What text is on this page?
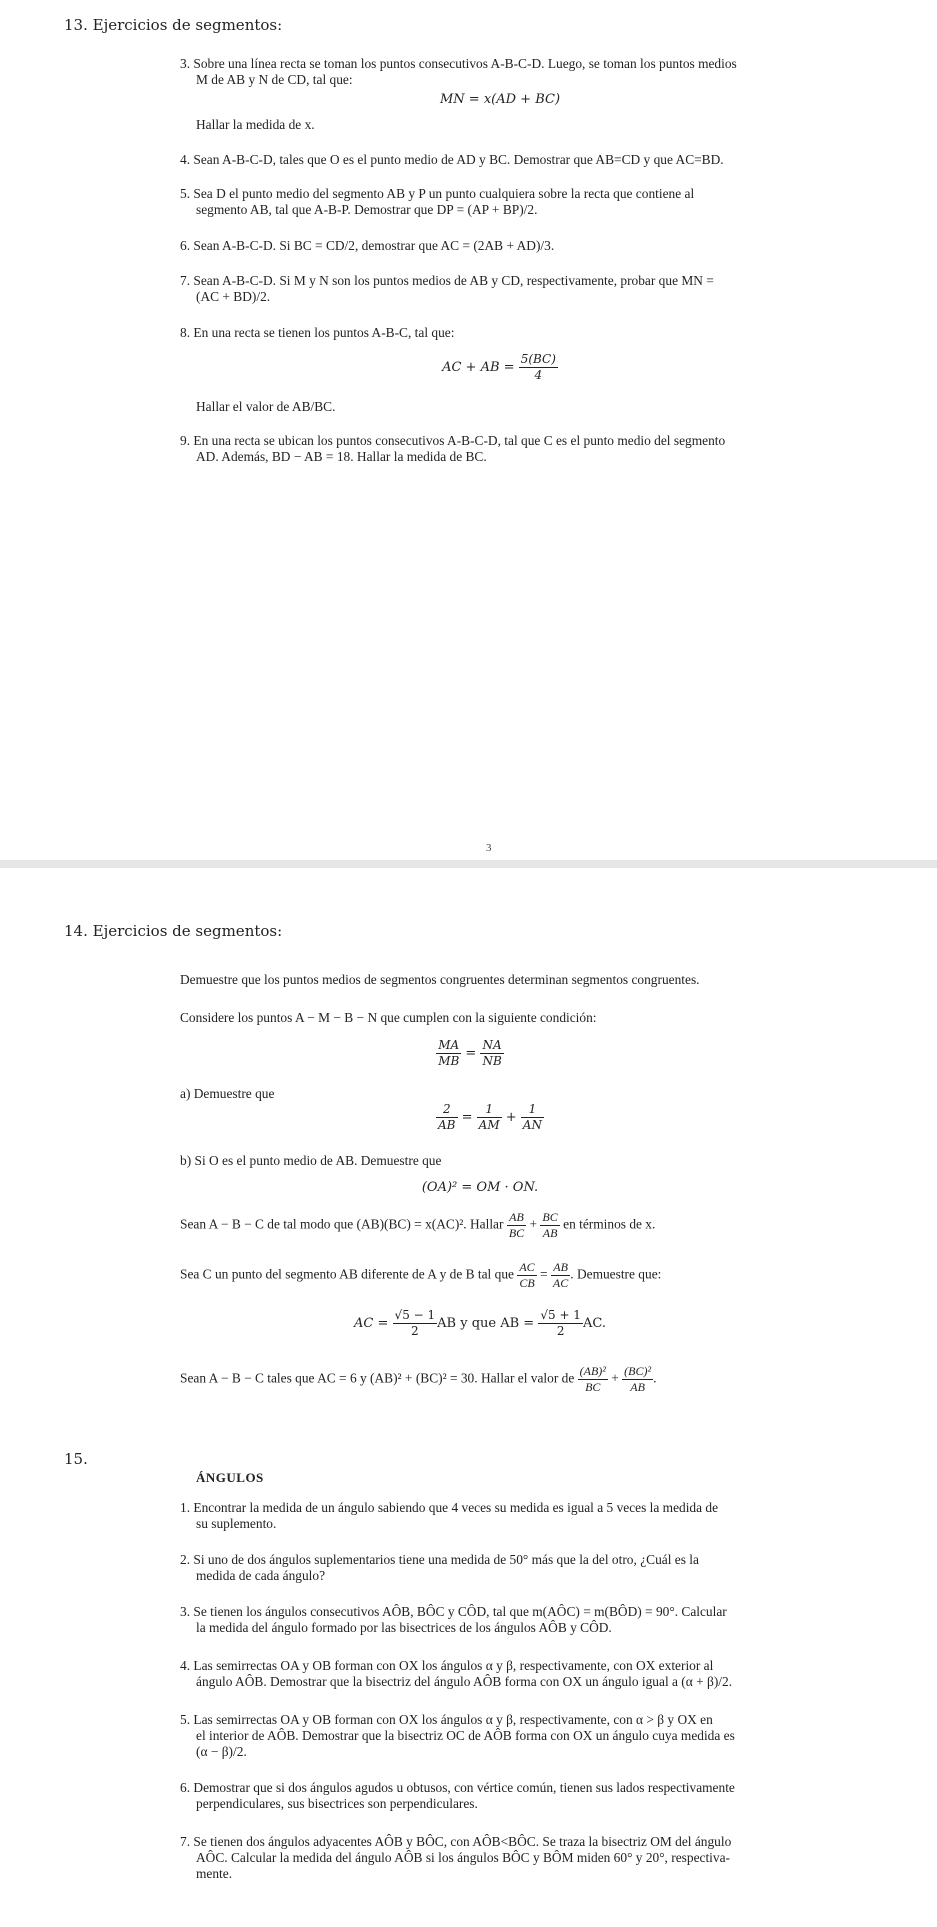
13. Ejercicios de segmentos:

3. Sobre una línea recta se toman los puntos consecutivos A-B-C-D. Luego, se toman los puntos medios

M de AB y N de CD, tal que:

MN = x(AD + BC)
Hallar la medida de x.

4. Sean A-B-C-D, tales que O es el punto medio de AD y BC. Demostrar que AB=CD y que AC=BD.

5. Sea D el punto medio del segmento AB y P un punto cualquiera sobre la recta que contiene al

segmento AB, tal que A-B-P. Demostrar que DP = (AP + BP)/2.

6. Sean A-B-C-D. Si BC = CD/2, demostrar que AC = (2AB + AD)/3.

7. Sean A-B-C-D. Si M y N son los puntos medios de AB y CD, respectivamente, probar que MN =

(AC + BD)/2.

8. En una recta se tienen los puntos A-B-C, tal que:

AC + AB = $\frac{5(BC)}{4}$
Hallar el valor de AB/BC.

9. En una recta se ubican los puntos consecutivos A-B-C-D, tal que C es el punto medio del segmento

AD. Además, BD − AB = 18. Hallar la medida de BC.

3
14. Ejercicios de segmentos:
Demuestre que los puntos medios de segmentos congruentes determinan segmentos congruentes.
Considere los puntos A − M − B − N que cumplen con la siguiente condición:
$\frac{MA}{MB} = \frac{NA}{NB}$
a) Demuestre que
$\frac{2}{AB} = \frac{1}{AM} + \frac{1}{AN}$
b) Si O es el punto medio de AB. Demuestre que
(OA)² = OM · ON.
Sean A − B − C de tal modo que (AB)(BC) = x(AC)². Hallar $\frac{AB}{BC} + \frac{BC}{AB}$ en términos de x.
Sea C un punto del segmento AB diferente de A y de B tal que $\frac{AC}{CB} = \frac{AB}{AC}$ . Demuestre que:
AC = $\frac{√5 - 1}{2}$ AB y que AB = $\frac{√5 + 1}{2}$ AC.
Sean A − B − C tales que AC = 6 y (AB)² + (BC)² = 30. Hallar el valor de $\frac{\text{(AB)²}}{BC} + \frac{\text{(BC)²}}{AB}$ .
15.
ÁNGULOS

1. Encontrar la medida de un ángulo sabiendo que 4 veces su medida es igual a 5 veces la medida de

su suplemento.

2. Si uno de dos ángulos suplementarios tiene una medida de 50° más que la del otro, ¿Cuál es la

medida de cada ángulo?

3. Se tienen los ángulos consecutivos AÔB, BÔC y CÔD, tal que m(AÔC) = m(BÔD) = 90°. Calcular

la medida del ángulo formado por las bisectrices de los ángulos AÔB y CÔD.

4. Las semirrectas OA y OB forman con OX los ángulos α y β, respectivamente, con OX exterior al

ángulo AÔB. Demostrar que la bisectriz del ángulo AÔB forma con OX un ángulo igual a (α + β)/2.

5. Las semirrectas OA y OB forman con OX los ángulos α y β, respectivamente, con α > β y OX en

el interior de AÔB. Demostrar que la bisectriz OC de AÔB forma con OX un ángulo cuya medida es

(α − β)/2.

6. Demostrar que si dos ángulos agudos u obtusos, con vértice común, tienen sus lados respectivamente

perpendiculares, sus bisectrices son perpendiculares.

7. Se tienen dos ángulos adyacentes AÔB y BÔC, con AÔB<BÔC. Se traza la bisectriz OM del ángulo

AÔC. Calcular la medida del ángulo AÔB si los ángulos BÔC y BÔM miden 60° y 20°, respectiva-

mente.
